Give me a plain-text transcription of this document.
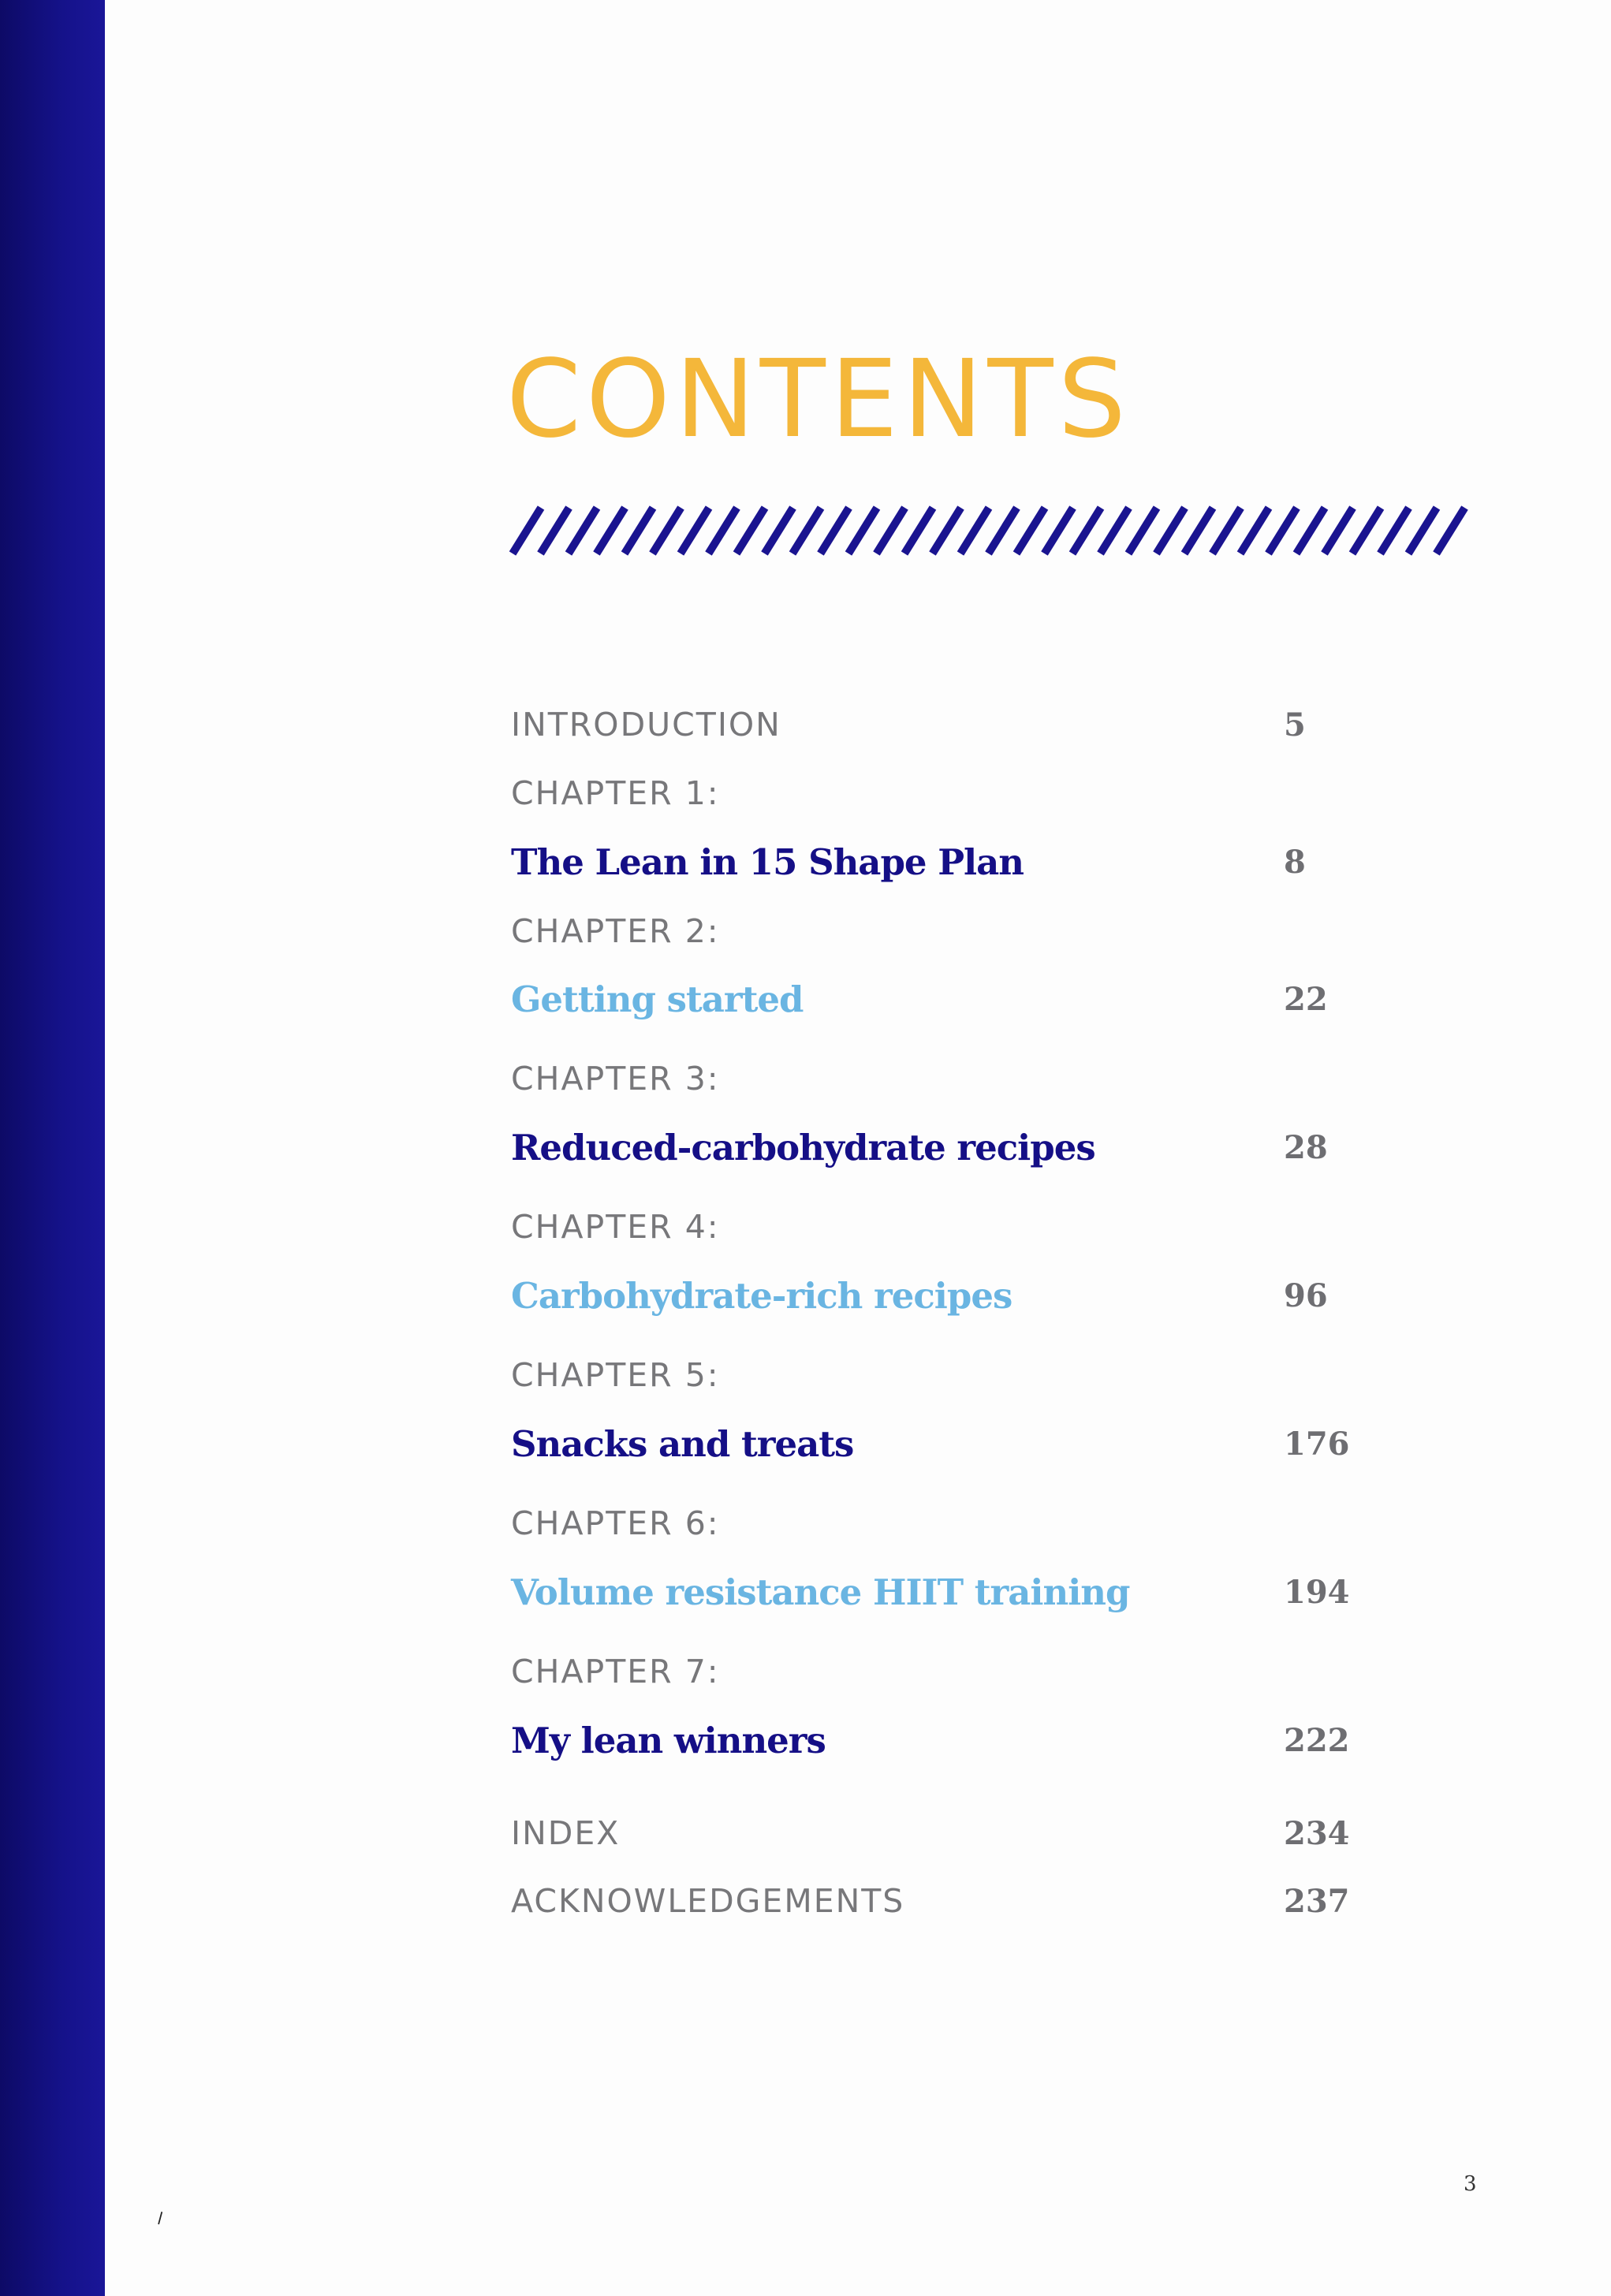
CONTENTS
INTRODUCTION	5
CHAPTER 1:
The Lean in 15 Shape Plan	8
CHAPTER 2:
Getting started	22
CHAPTER 3:
Reduced-carbohydrate recipes	28
CHAPTER 4:
Carbohydrate-rich recipes	96
CHAPTER 5:
Snacks and treats	176
CHAPTER 6:
Volume resistance HIIT training	194
CHAPTER 7:
My lean winners	222
INDEX	234
ACKNOWLEDGEMENTS	237
3
⸝
